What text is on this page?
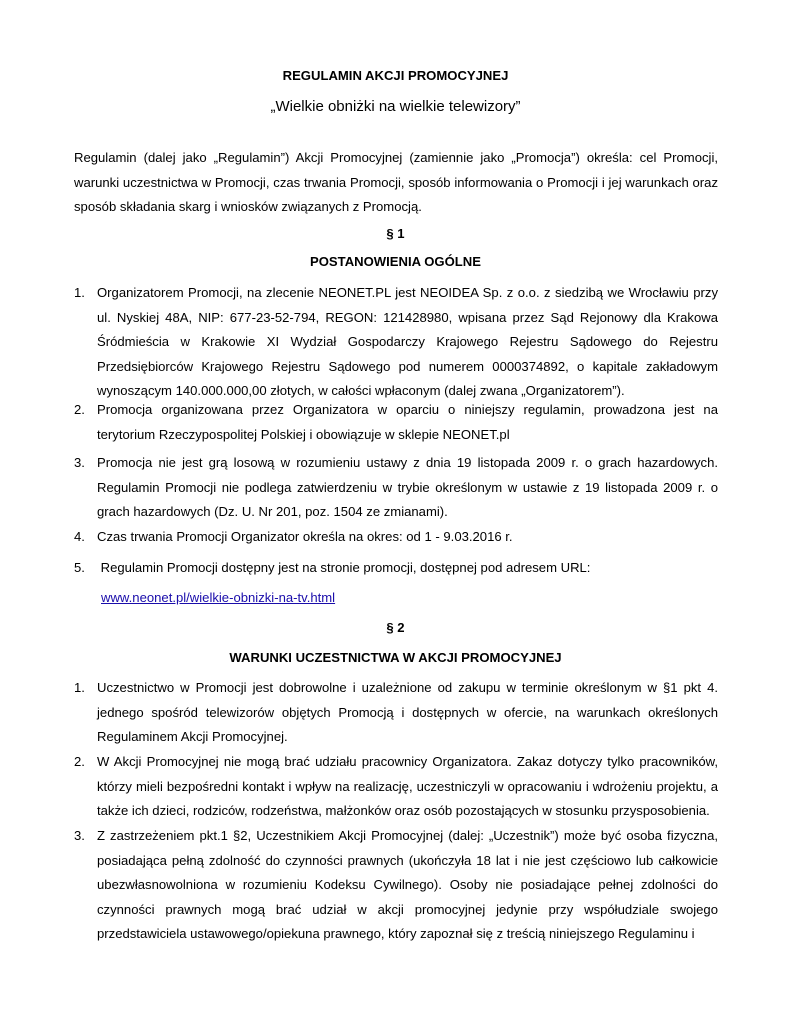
REGULAMIN AKCJI PROMOCYJNEJ

„Wielkie obniżki na wielkie telewizory”

Regulamin (dalej jako „Regulamin”) Akcji Promocyjnej (zamiennie jako „Promocja”) określa: cel Promocji, warunki uczestnictwa w Promocji, czas trwania Promocji, sposób informowania o Promocji i jej warunkach oraz sposób składania skarg i wniosków związanych z Promocją.

§ 1

POSTANOWIENIA OGÓLNE

1. Organizatorem Promocji, na zlecenie NEONET.PL jest NEOIDEA Sp. z o.o. z siedzibą we Wrocławiu przy ul. Nyskiej 48A, NIP: 677-23-52-794, REGON: 121428980, wpisana przez Sąd Rejonowy dla Krakowa Śródmieścia w Krakowie XI Wydział Gospodarczy Krajowego Rejestru Sądowego do Rejestru Przedsiębiorców Krajowego Rejestru Sądowego pod numerem 0000374892, o kapitale zakładowym wynoszącym 140.000.000,00 złotych, w całości wpłaconym (dalej zwana „Organizatorem”).
2. Promocja organizowana przez Organizatora w oparciu o niniejszy regulamin, prowadzona jest na terytorium Rzeczypospolitej Polskiej i obowiązuje w sklepie NEONET.pl
3. Promocja nie jest grą losową w rozumieniu ustawy z dnia 19 listopada 2009 r. o grach hazardowych. Regulamin Promocji nie podlega zatwierdzeniu w trybie określonym w ustawie z 19 listopada 2009 r. o grach hazardowych (Dz. U. Nr 201, poz. 1504 ze zmianami).
4. Czas trwania Promocji Organizator określa na okres: od 1 - 9.03.2016 r.
5. Regulamin Promocji dostępny jest na stronie promocji, dostępnej pod adresem URL:
www.neonet.pl/wielkie-obnizki-na-tv.html

§ 2

WARUNKI UCZESTNICTWA W AKCJI PROMOCYJNEJ

1. Uczestnictwo w Promocji jest dobrowolne i uzależnione od zakupu w terminie określonym w §1 pkt 4. jednego spośród telewizorów objętych Promocją i dostępnych w ofercie, na warunkach określonych Regulaminem Akcji Promocyjnej.
2. W Akcji Promocyjnej nie mogą brać udziału pracownicy Organizatora. Zakaz dotyczy tylko pracowników, którzy mieli bezpośredni kontakt i wpływ na realizację, uczestniczyli w opracowaniu i wdrożeniu projektu, a także ich dzieci, rodziców, rodzeństwa, małżonków oraz osób pozostających w stosunku przysposobienia.
3. Z zastrzeżeniem pkt.1 §2, Uczestnikiem Akcji Promocyjnej (dalej: „Uczestnik”) może być osoba fizyczna, posiadająca pełną zdolność do czynności prawnych (ukończyła 18 lat i nie jest częściowo lub całkowicie ubezwłasnowolniona w rozumieniu Kodeksu Cywilnego). Osoby nie posiadające pełnej zdolności do czynności prawnych mogą brać udział w akcji promocyjnej jedynie przy współudziale swojego przedstawiciela ustawowego/opiekuna prawnego, który zapoznał się z treścią niniejszego Regulaminu i
